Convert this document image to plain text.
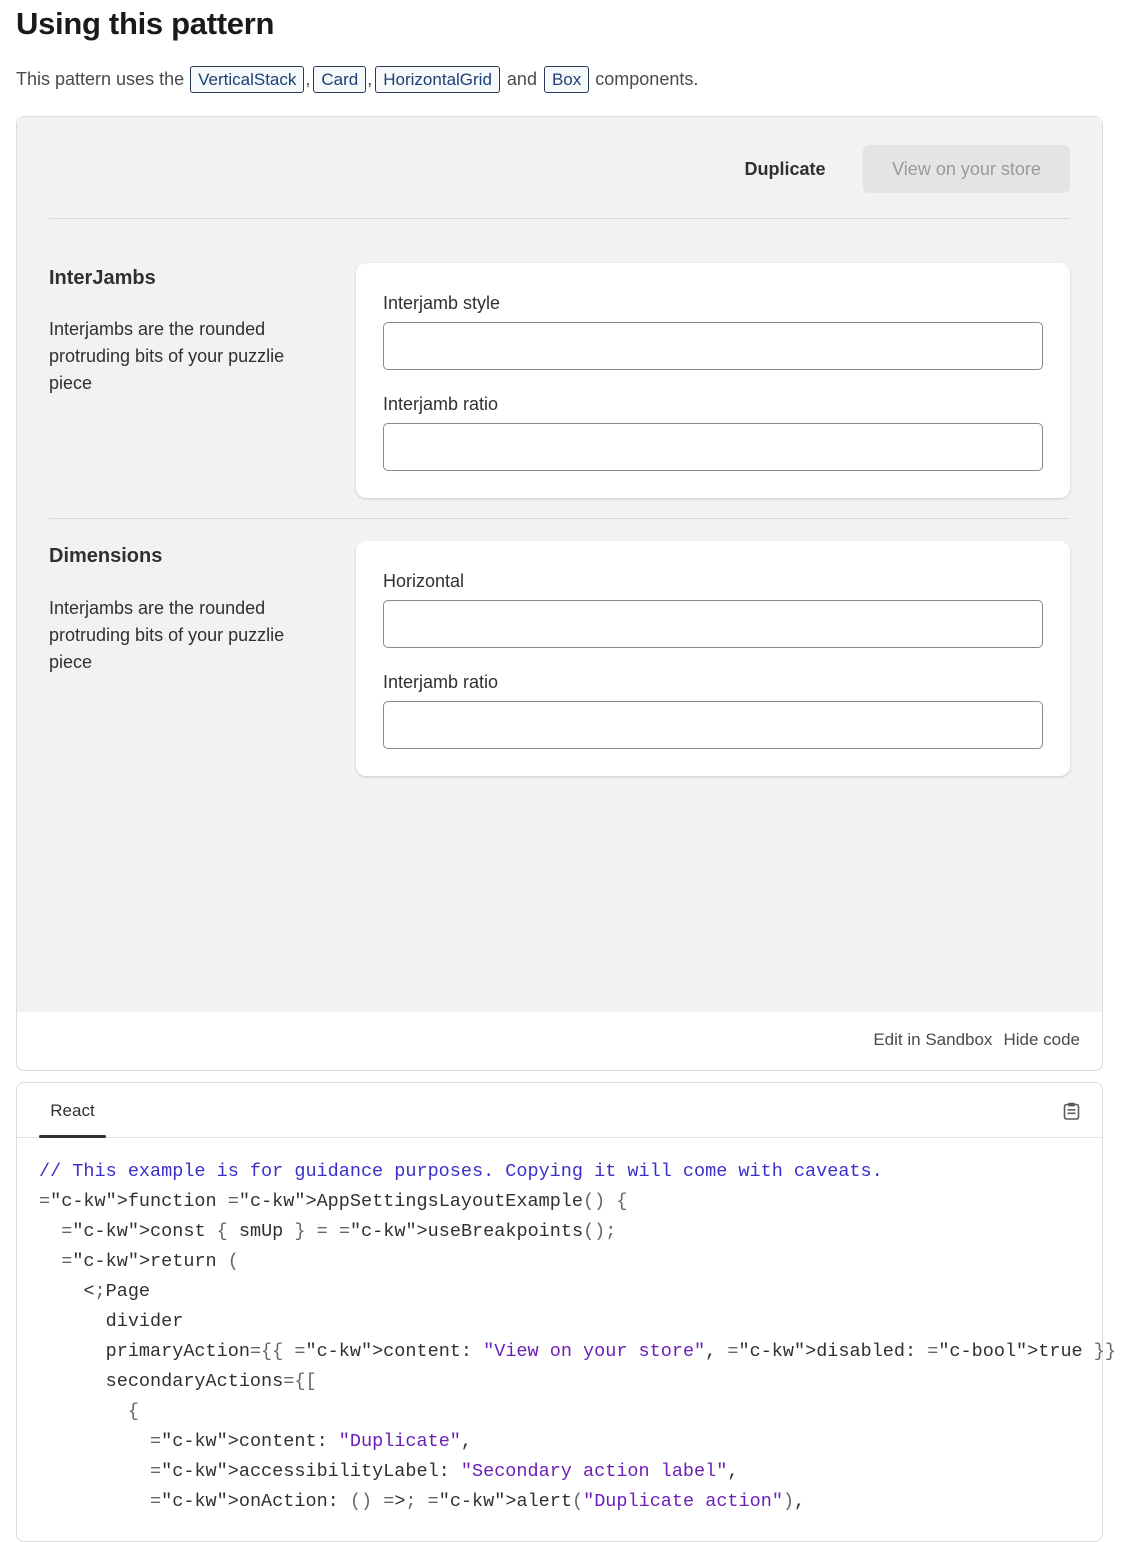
Using this pattern
This pattern uses the
VerticalStack , Card , HorizontalGrid and Box
components.
Duplicate	View on your store
InterJambs
Interjambs are the rounded protruding bits of your puzzlie piece
Interjamb style
Interjamb ratio
Dimensions
Interjambs are the rounded protruding bits of your puzzlie piece
Horizontal
Interjamb ratio
Edit in Sandbox Hide code
React
// This example is for guidance purposes. Copying it will come with caveats.
="c-kw">function ="c-kw">AppSettingsLayoutExample() {
="c-kw">const { smUp } = ="c-kw">useBreakpoints();
="c-kw">return (
<;Page
divider
primaryAction={{ ="c-kw">content: "View on your store", ="c-kw">disabled: ="c-bool">true }}
secondaryActions={[
{
="c-kw">content: "Duplicate",
="c-kw">accessibilityLabel: "Secondary action label",
="c-kw">onAction: () =>; ="c-kw">alert("Duplicate action"),
